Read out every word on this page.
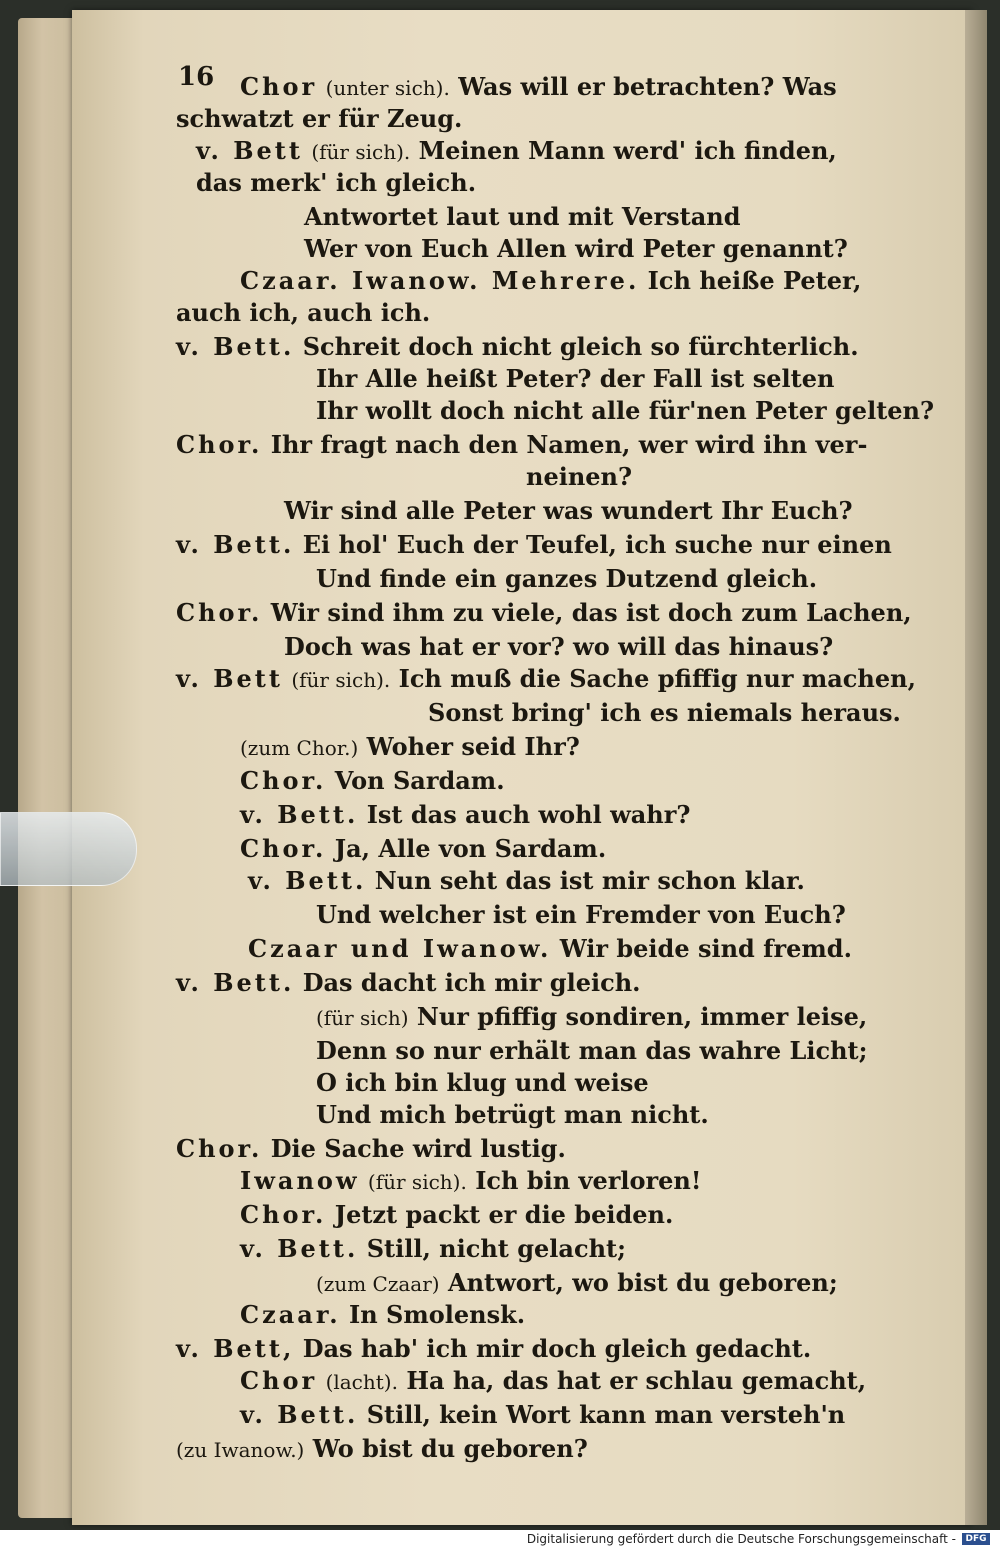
16 Chor (unter sich). Was will er betrachten? Was
schwatzt er für Zeug.
v. Bett (für sich). Meinen Mann werd' ich finden,
das merk' ich gleich.
Antwortet laut und mit Verstand
Wer von Euch Allen wird Peter genannt?
Czaar. Iwanow. Mehrere. Ich heiße Peter,
auch ich, auch ich.
v. Bett. Schreit doch nicht gleich so fürchterlich.
Ihr Alle heißt Peter? der Fall ist selten
Ihr wollt doch nicht alle für'nen Peter gelten?
Chor. Ihr fragt nach den Namen, wer wird ihn ver-
neinen?
Wir sind alle Peter was wundert Ihr Euch?
v. Bett. Ei hol' Euch der Teufel, ich suche nur einen
Und finde ein ganzes Dutzend gleich.
Chor. Wir sind ihm zu viele, das ist doch zum Lachen,
Doch was hat er vor? wo will das hinaus?
v. Bett (für sich). Ich muß die Sache pfiffig nur machen,
Sonst bring' ich es niemals heraus.
(zum Chor.) Woher seid Ihr?
Chor. Von Sardam.
v. Bett. Ist das auch wohl wahr?
Chor. Ja, Alle von Sardam.
v. Bett. Nun seht das ist mir schon klar.
Und welcher ist ein Fremder von Euch?
Czaar und Iwanow. Wir beide sind fremd.
v. Bett. Das dacht ich mir gleich.
(für sich) Nur pfiffig sondiren, immer leise,
Denn so nur erhält man das wahre Licht;
O ich bin klug und weise
Und mich betrügt man nicht.
Chor. Die Sache wird lustig.
Iwanow (für sich). Ich bin verloren!
Chor. Jetzt packt er die beiden.
v. Bett. Still, nicht gelacht;
(zum Czaar) Antwort, wo bist du geboren;
Czaar. In Smolensk.
v. Bett, Das hab' ich mir doch gleich gedacht.
Chor (lacht). Ha ha, das hat er schlau gemacht,
v. Bett. Still, kein Wort kann man versteh'n
(zu Iwanow.) Wo bist du geboren?
Digitalisierung gefördert durch die Deutsche Forschungsgemeinschaft -	DFG
